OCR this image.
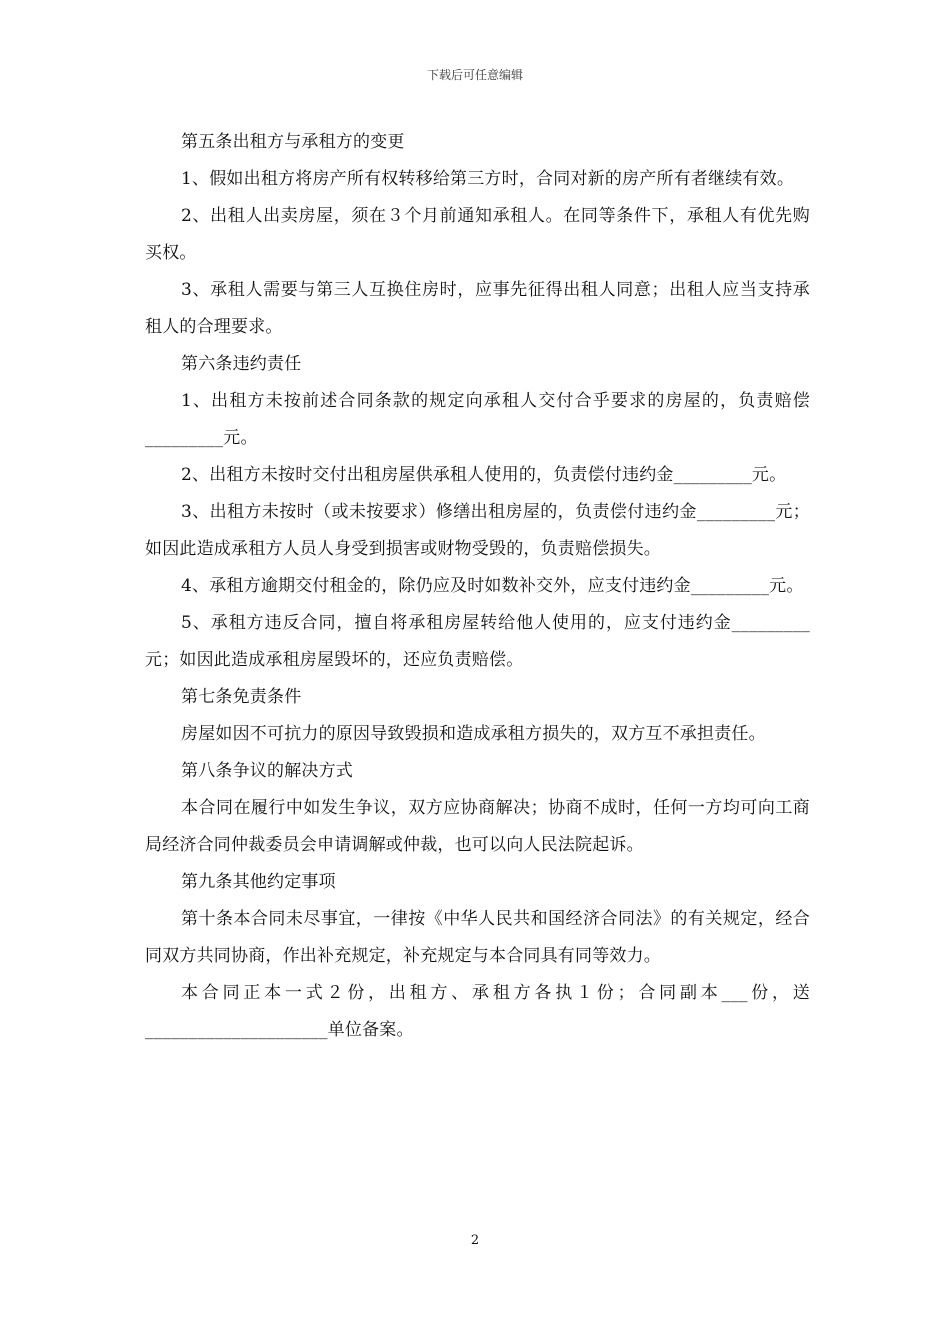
下载后可任意编辑

第五条出租方与承租方的变更

1、假如出租方将房产所有权转移给第三方时，合同对新的房产所有者继续有效。

2、出租人出卖房屋，须在３个月前通知承租人。在同等条件下，承租人有优先购买权。

3、承租人需要与第三人互换住房时，应事先征得出租人同意；出租人应当支持承租人的合理要求。

第六条违约责任

1、出租方未按前述合同条款的规定向承租人交付合乎要求的房屋的，负责赔偿_________元。

2、出租方未按时交付出租房屋供承租人使用的，负责偿付违约金_________元。

3、出租方未按时（或未按要求）修缮出租房屋的，负责偿付违约金_________元；如因此造成承租方人员人身受到损害或财物受毁的，负责赔偿损失。

4、承租方逾期交付租金的，除仍应及时如数补交外，应支付违约金_________元。

5、承租方违反合同，擅自将承租房屋转给他人使用的，应支付违约金_________元；如因此造成承租房屋毁坏的，还应负责赔偿。

第七条免责条件

房屋如因不可抗力的原因导致毁损和造成承租方损失的，双方互不承担责任。

第八条争议的解决方式

本合同在履行中如发生争议，双方应协商解决；协商不成时，任何一方均可向工商局经济合同仲裁委员会申请调解或仲裁，也可以向人民法院起诉。

第九条其他约定事项

第十条本合同未尽事宜，一律按《中华人民共和国经济合同法》的有关规定，经合同双方共同协商，作出补充规定，补充规定与本合同具有同等效力。

本合同正本一式２份，出租方、承租方各执１份；合同副本___份，送_____________________单位备案。

2
